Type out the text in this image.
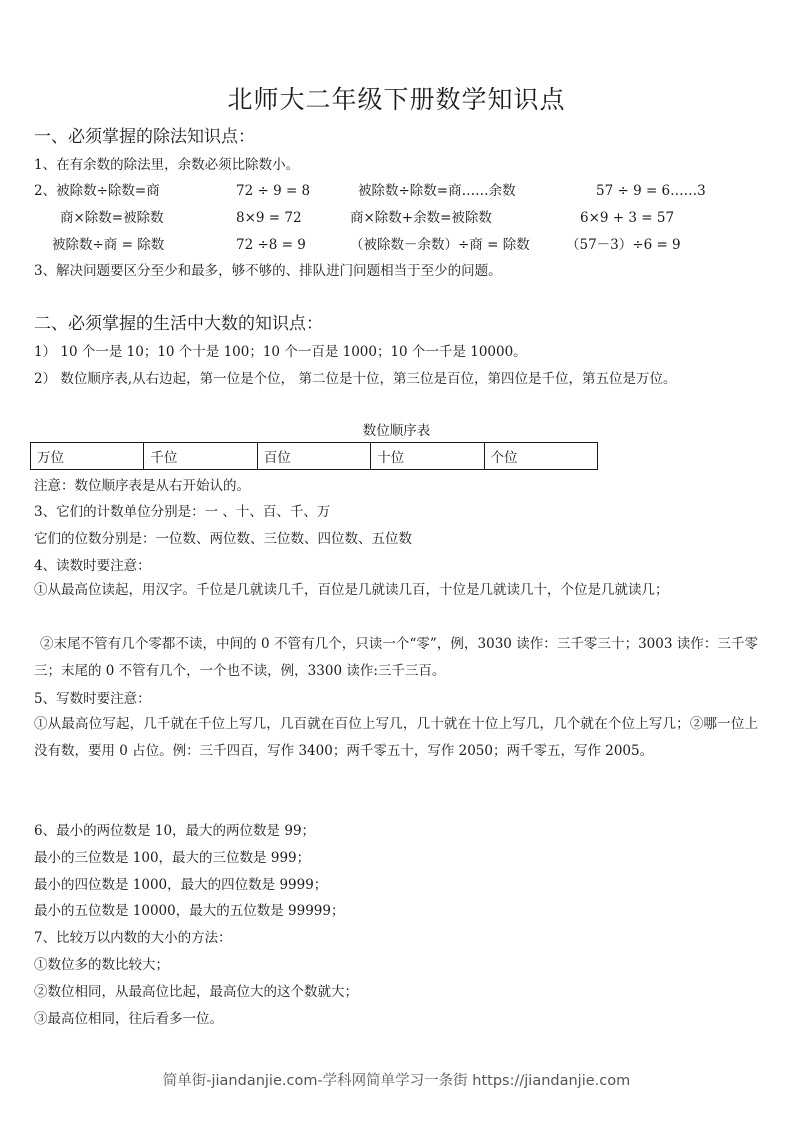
北师大二年级下册数学知识点
一、必须掌握的除法知识点：
1、在有余数的除法里，余数必须比除数小。
2、被除数÷除数=商	72 ÷ 9 = 8	被除数÷除数=商……余数	57 ÷ 9 = 6……3
商×除数=被除数	8×9 = 72	商×除数+余数=被除数	6×9 + 3 = 57
被除数÷商 = 除数	72 ÷8 = 9	（被除数－余数）÷商 = 除数	（57－3）÷6 = 9
3、解决问题要区分至少和最多，够不够的、排队进门问题相当于至少的问题。
二、必须掌握的生活中大数的知识点：
1） 10 个一是 10；10 个十是 100；10 个一百是 1000；10 个一千是 10000。
2） 数位顺序表,从右边起，第一位是个位， 第二位是十位，第三位是百位，第四位是千位，第五位是万位。
数位顺序表
万位	千位	百位	十位	个位
注意：数位顺序表是从右开始认的。
3、它们的计数单位分别是：一 、十、百、千、万
它们的位数分别是：一位数、两位数、三位数、四位数、五位数
4、读数时要注意：
①从最高位读起，用汉字。千位是几就读几千，百位是几就读几百，十位是几就读几十，个位是几就读几；
②末尾不管有几个零都不读，中间的 0 不管有几个，只读一个“零”，例，3030 读作：三千零三十；3003 读作：三千零三；末尾的 0 不管有几个，一个也不读，例，3300 读作:三千三百。
5、写数时要注意：
①从最高位写起，几千就在千位上写几，几百就在百位上写几，几十就在十位上写几，几个就在个位上写几；②哪一位上没有数，要用 0 占位。例：三千四百，写作 3400；两千零五十，写作 2050；两千零五，写作 2005。
6、最小的两位数是 10，最大的两位数是 99；
最小的三位数是 100，最大的三位数是 999；
最小的四位数是 1000，最大的四位数是 9999；
最小的五位数是 10000，最大的五位数是 99999；
7、比较万以内数的大小的方法：
①数位多的数比较大；
②数位相同，从最高位比起，最高位大的这个数就大；
③最高位相同，往后看多一位。
简单街-jiandanjie.com-学科网简单学习一条街 https://jiandanjie.com
